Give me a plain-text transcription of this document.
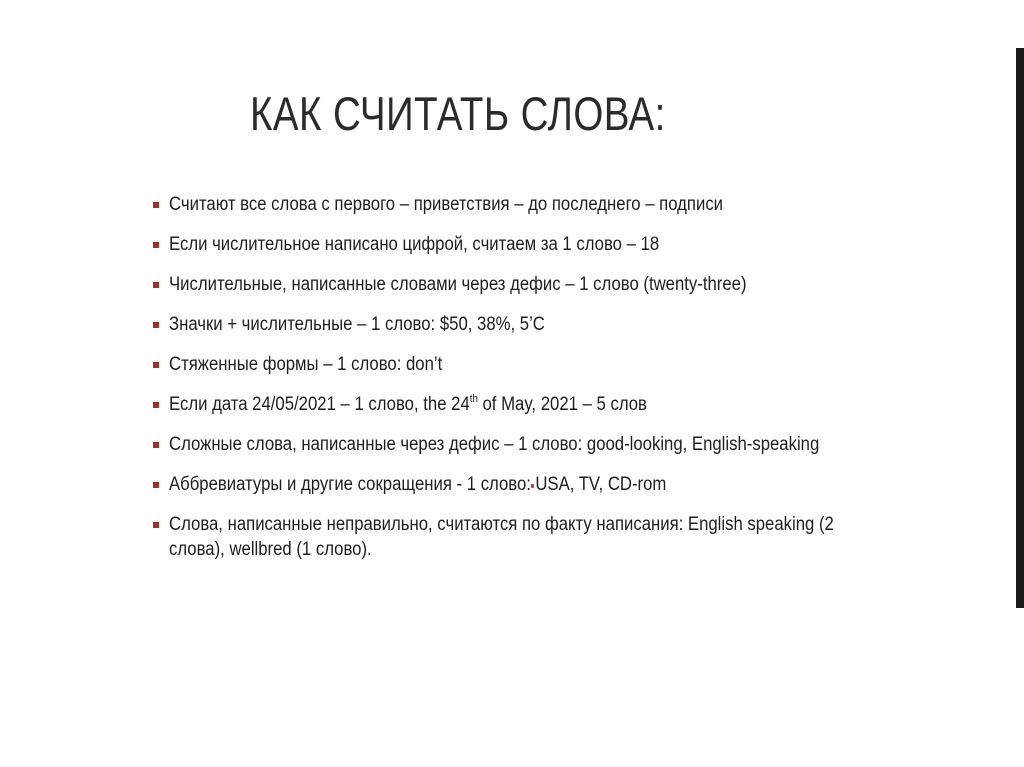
КАК СЧИТАТЬ СЛОВА:
Считают все слова с первого – приветствия – до последнего – подписи
Если числительное написано цифрой, считаем за 1 слово – 18
Числительные, написанные словами через дефис – 1 слово (twenty-three)
Значки + числительные – 1 слово: $50, 38%, 5’C
Стяженные формы – 1 слово: don’t
Если дата 24/05/2021 – 1 слово, the 24th of May, 2021 – 5 слов
Сложные слова, написанные через дефис – 1 слово: good-looking, English-speaking
Аббревиатуры и другие сокращения - 1 слово: USA, TV, CD-rom
Слова, написанные неправильно, считаются по факту написания: English speaking (2 слова), wellbred (1 слово).
